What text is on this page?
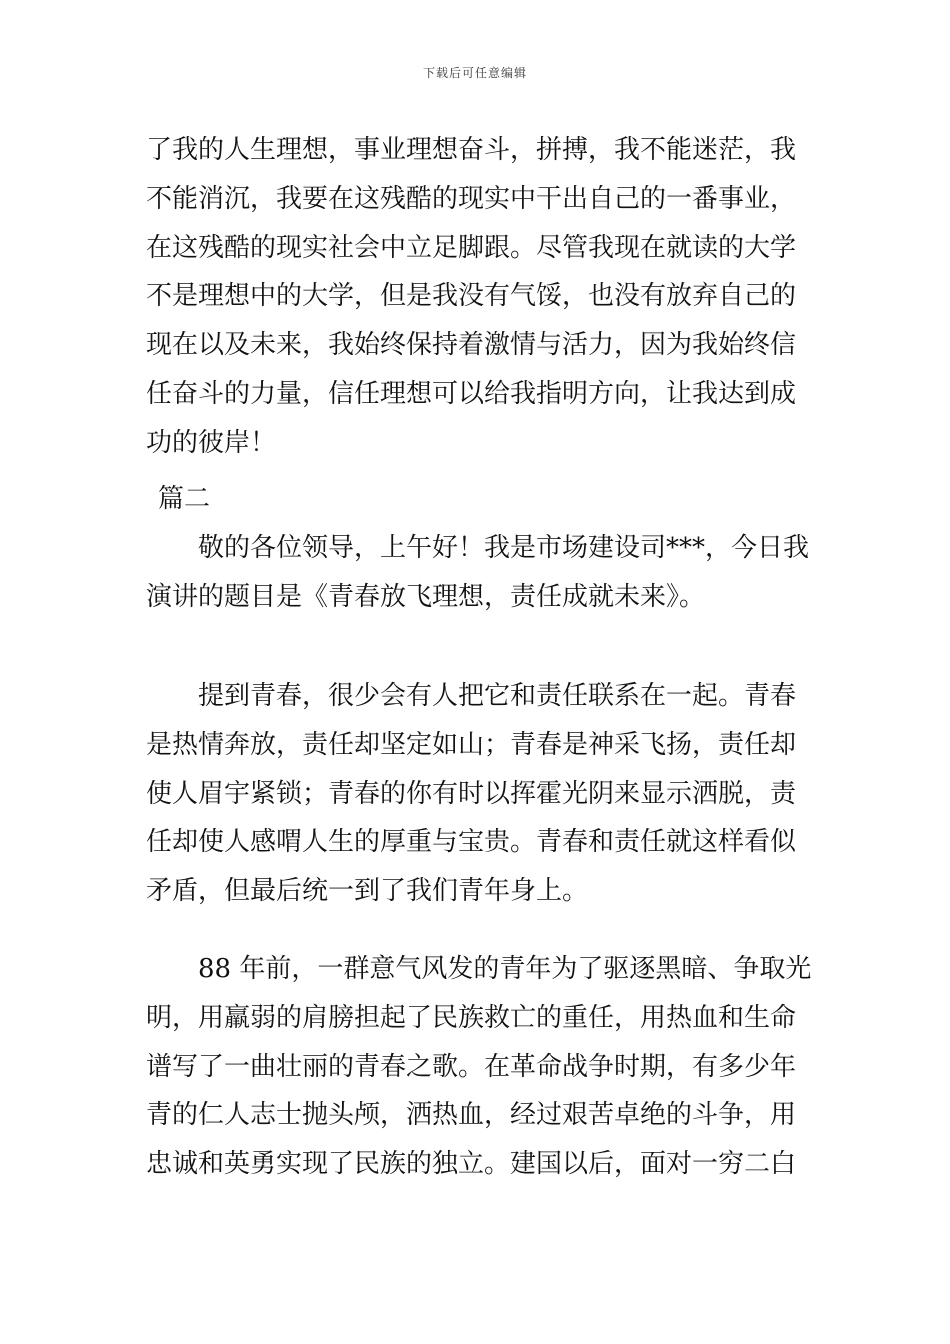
下载后可任意编辑
了我的人生理想，事业理想奋斗，拼搏，我不能迷茫，我
不能消沉，我要在这残酷的现实中干出自己的一番事业，
在这残酷的现实社会中立足脚跟。尽管我现在就读的大学
不是理想中的大学，但是我没有气馁，也没有放弃自己的
现在以及未来，我始终保持着激情与活力，因为我始终信
任奋斗的力量，信任理想可以给我指明方向，让我达到成
功的彼岸！
篇二
敬的各位领导，上午好！我是市场建设司***，今日我
演讲的题目是《青春放飞理想，责任成就未来》。
提到青春，很少会有人把它和责任联系在一起。青春
是热情奔放，责任却坚定如山；青春是神采飞扬，责任却
使人眉宇紧锁；青春的你有时以挥霍光阴来显示洒脱，责
任却使人感喟人生的厚重与宝贵。青春和责任就这样看似
矛盾，但最后统一到了我们青年身上。
88 年前，一群意气风发的青年为了驱逐黑暗、争取光
明，用羸弱的肩膀担起了民族救亡的重任，用热血和生命
谱写了一曲壮丽的青春之歌。在革命战争时期，有多少年
青的仁人志士抛头颅，洒热血，经过艰苦卓绝的斗争，用
忠诚和英勇实现了民族的独立。建国以后，面对一穷二白
